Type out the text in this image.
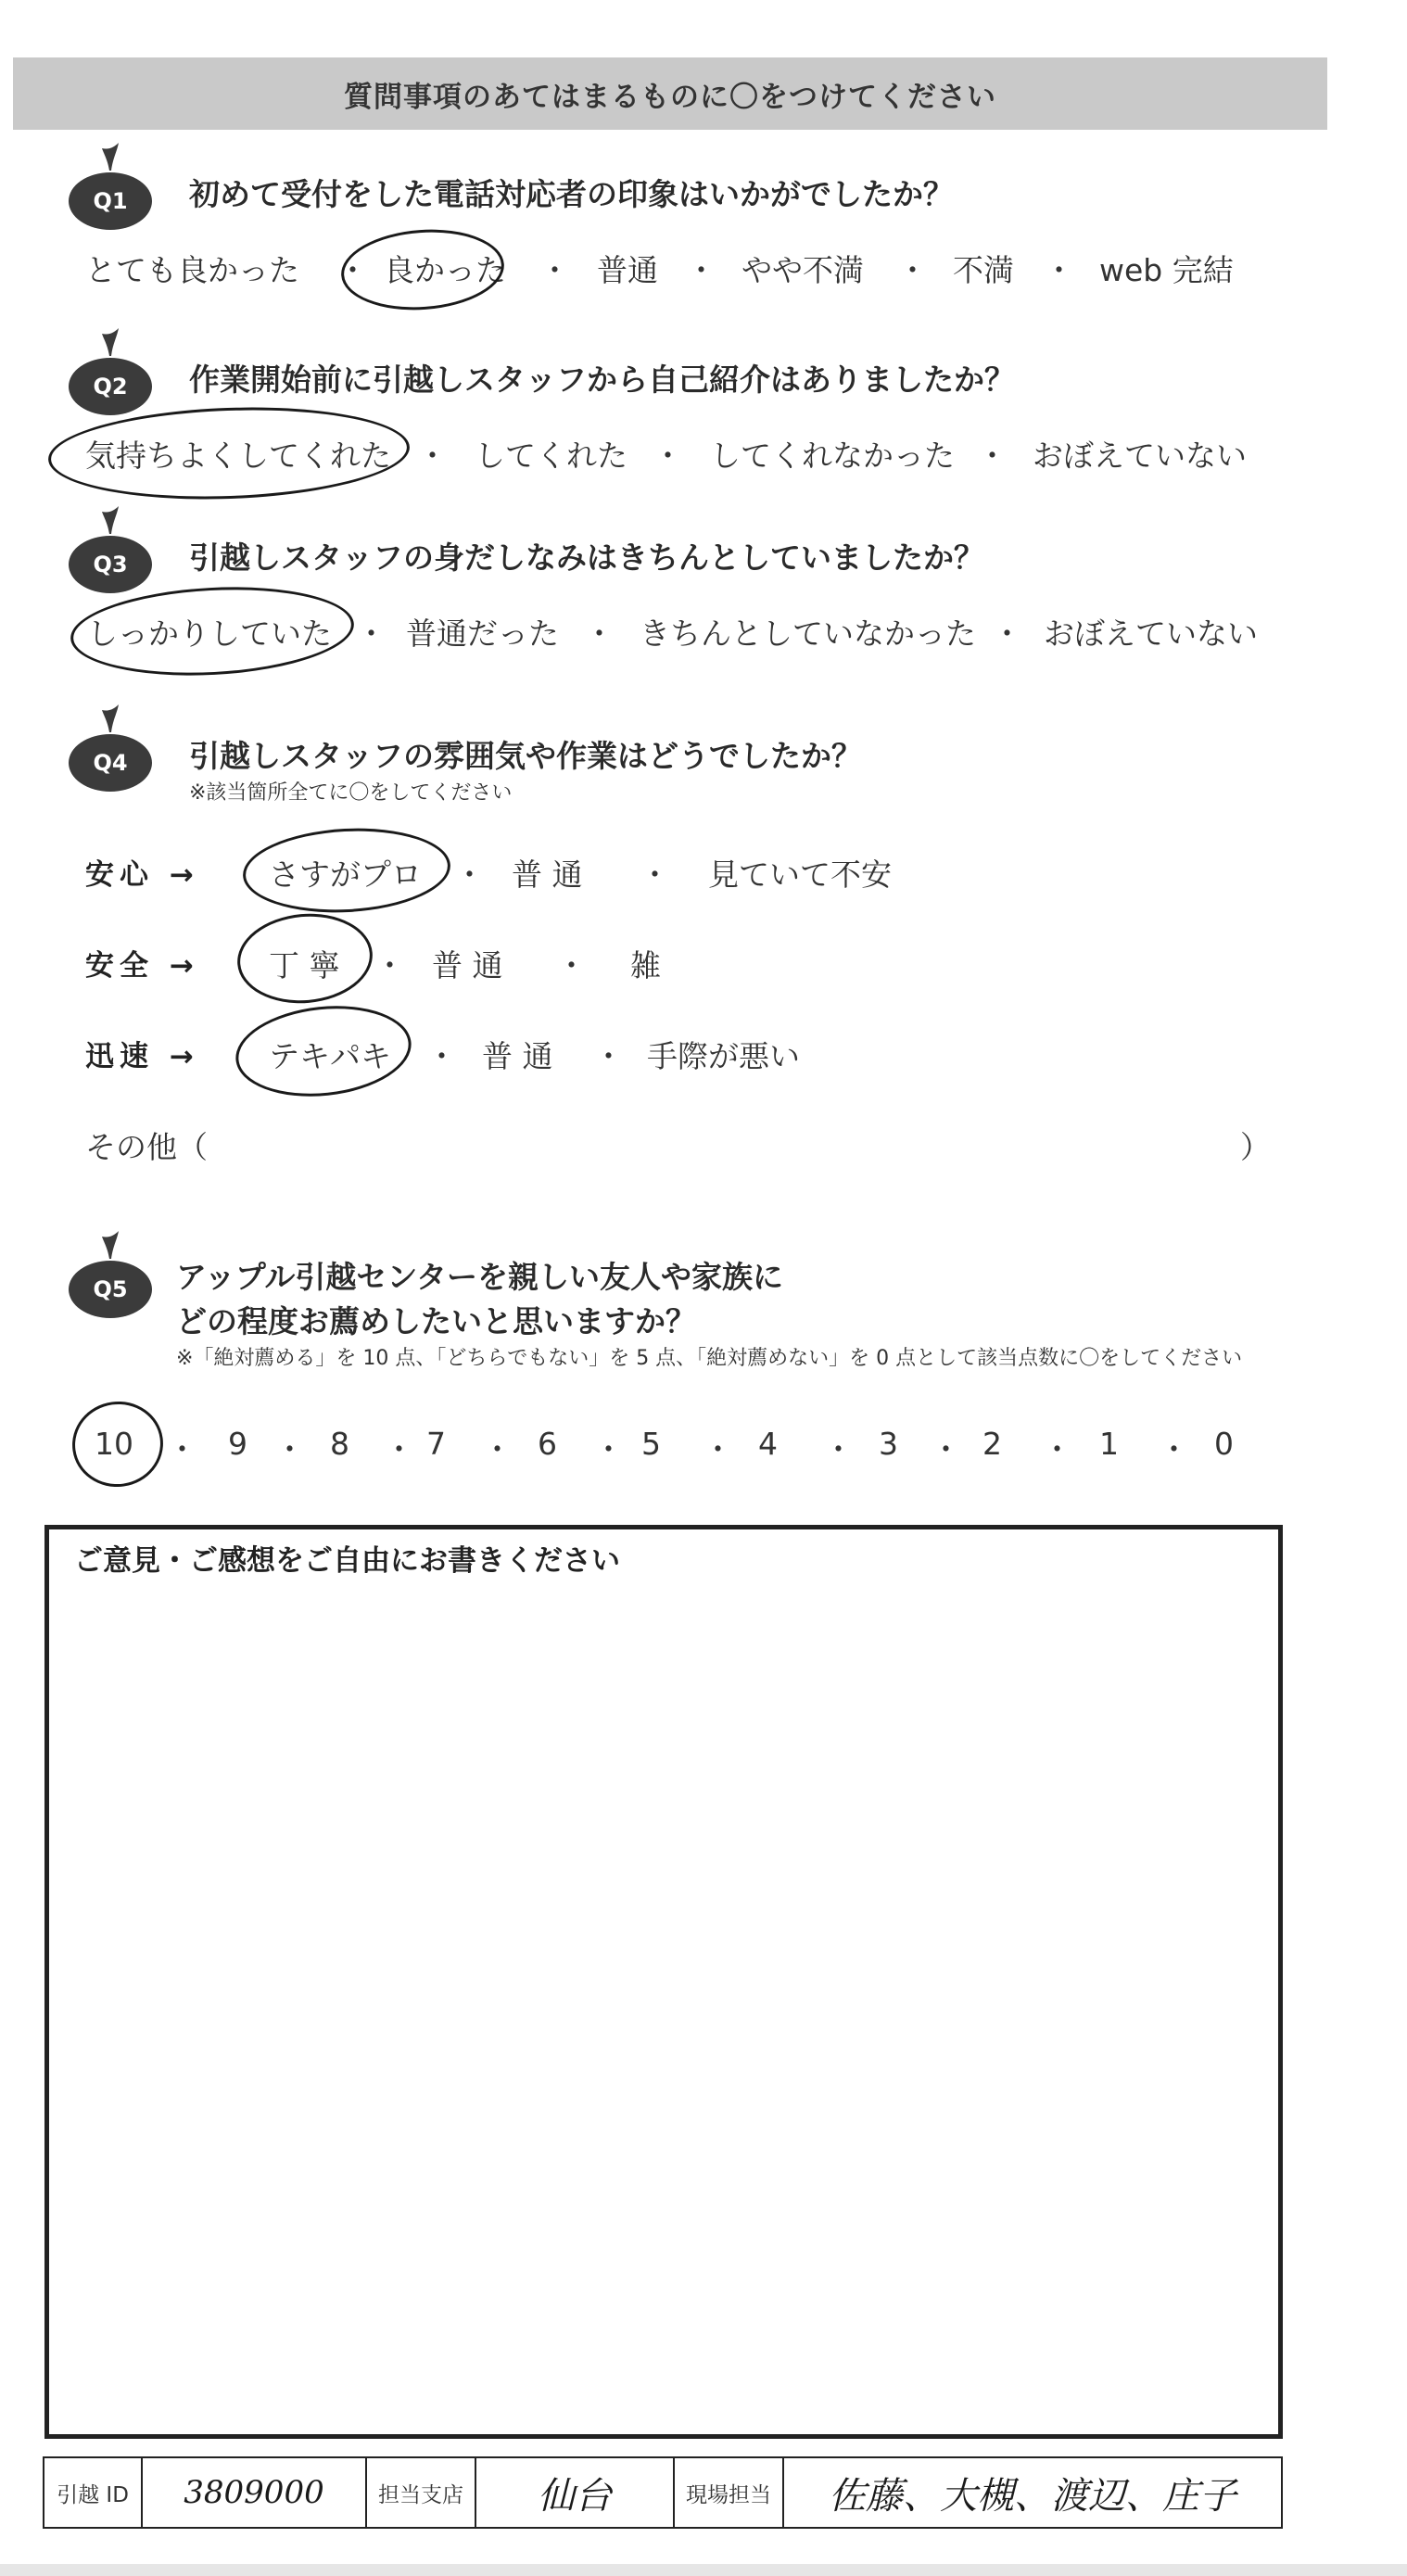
質問事項のあてはまるものに〇をつけてください
Q1 初めて受付をした電話対応者の印象はいかがでしたか？
とても良かった ・ 良かった ・ 普通 ・ やや不満 ・ 不満 ・ web 完結
Q2 作業開始前に引越しスタッフから自己紹介はありましたか？
気持ちよくしてくれた ・ してくれた ・ してくれなかった ・ おぼえていない
Q3 引越しスタッフの身だしなみはきちんとしていましたか？
しっかりしていた ・ 普通だった ・ きちんとしていなかった ・ おぼえていない
Q4 引越しスタッフの雰囲気や作業はどうでしたか？
※該当箇所全てに〇をしてください
安心 → さすがプロ ・ 普 通 ・ 見ていて不安
安全 → 丁 寧 ・ 普 通 ・ 雑
迅速 → テキパキ ・ 普 通 ・ 手際が悪い
その他（	）
Q5 アップル引越センターを親しい友人や家族に
どの程度お薦めしたいと思いますか？
※「絶対薦める」を 10 点、「どちらでもない」を 5 点、「絶対薦めない」を 0 点として該当点数に〇をしてください
10 ・ 9 ・ 8 ・ 7 ・ 6 ・ 5 ・ 4 ・ 3 ・ 2 ・ 1 ・ 0
ご意見・ご感想をご自由にお書きください
引越 ID	3809000	担当支店	仙台	現場担当	佐藤、大槻、渡辺、庄子
